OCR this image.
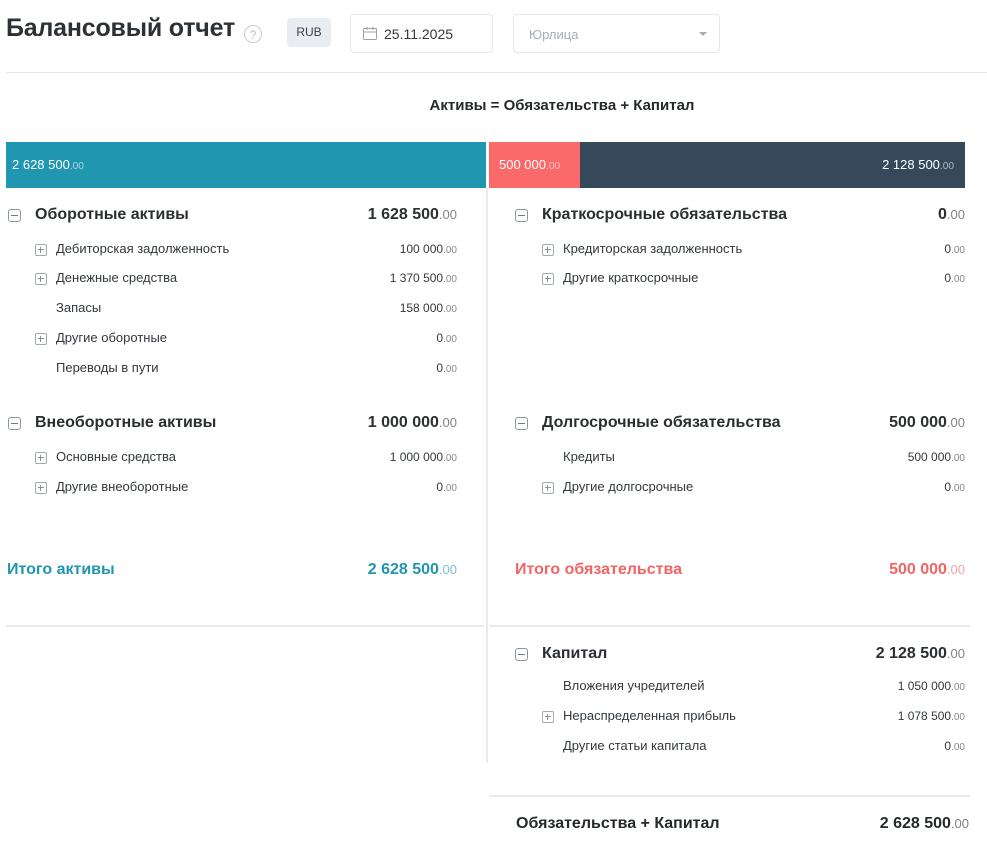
Балансовый отчет	?	RUB	25.11.2025	Юрлица
Активы = Обязательства + Капитал
2 628 500.00	500 000.00	2 128 500.00
Оборотные активы	1 628 500.00
Дебиторская задолженность	100 000.00
Денежные средства	1 370 500.00
Запасы	158 000.00
Другие оборотные	0.00
Переводы в пути	0.00
Внеоборотные активы	1 000 000.00
Основные средства	1 000 000.00
Другие внеоборотные	0.00
Итого активы	2 628 500.00
Краткосрочные обязательства	0.00
Кредиторская задолженность	0.00
Другие краткосрочные	0.00
Долгосрочные обязательства	500 000.00
Кредиты	500 000.00
Другие долгосрочные	0.00
Итого обязательства	500 000.00
Капитал	2 128 500.00
Вложения учредителей	1 050 000.00
Нераспределенная прибыль	1 078 500.00
Другие статьи капитала	0.00
Обязательства + Капитал	2 628 500.00
